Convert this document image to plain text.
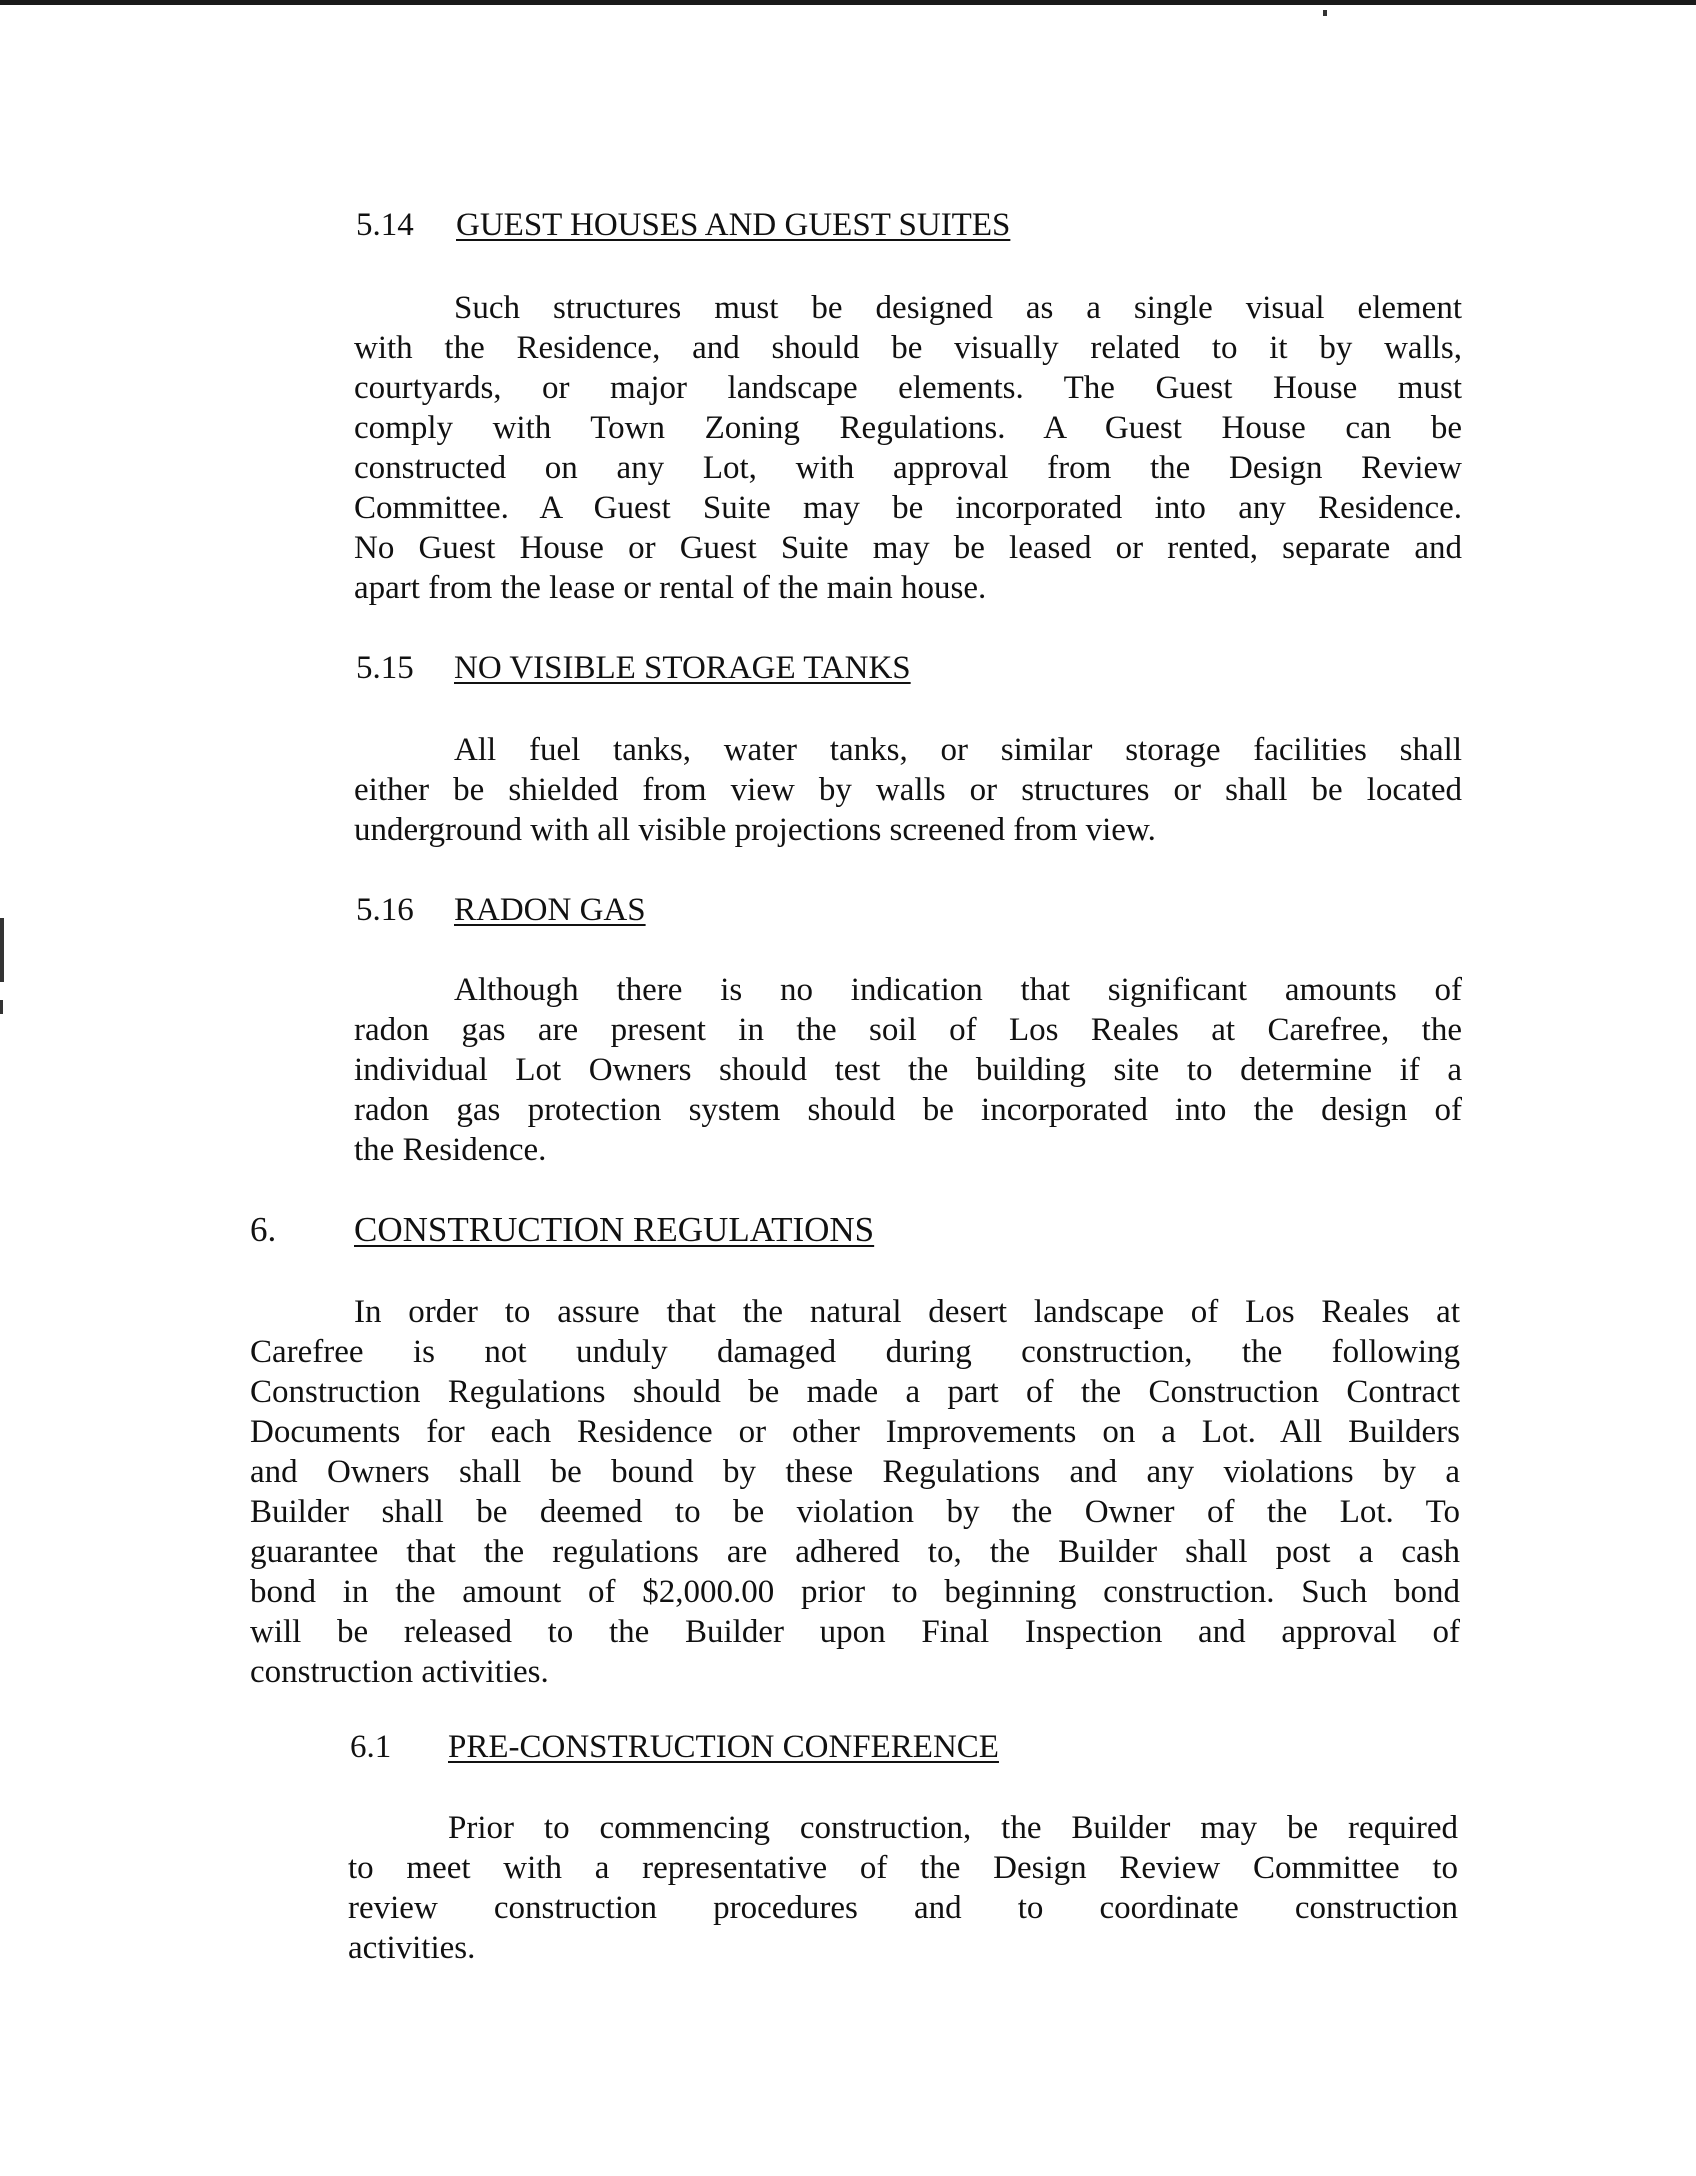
5.14 GUEST HOUSES AND GUEST SUITES
Such structures must be designed as a single visual element
with the Residence, and should be visually related to it by walls,
courtyards, or major landscape elements. The Guest House must
comply with Town Zoning Regulations. A Guest House can be
constructed on any Lot, with approval from the Design Review
Committee. A Guest Suite may be incorporated into any Residence.
No Guest House or Guest Suite may be leased or rented, separate and
apart from the lease or rental of the main house.
5.15 NO VISIBLE STORAGE TANKS
All fuel tanks, water tanks, or similar storage facilities shall
either be shielded from view by walls or structures or shall be located
underground with all visible projections screened from view.
5.16 RADON GAS
Although there is no indication that significant amounts of
radon gas are present in the soil of Los Reales at Carefree, the
individual Lot Owners should test the building site to determine if a
radon gas protection system should be incorporated into the design of
the Residence.
6. CONSTRUCTION REGULATIONS
In order to assure that the natural desert landscape of Los Reales at
Carefree is not unduly damaged during construction, the following
Construction Regulations should be made a part of the Construction Contract
Documents for each Residence or other Improvements on a Lot. All Builders
and Owners shall be bound by these Regulations and any violations by a
Builder shall be deemed to be violation by the Owner of the Lot. To
guarantee that the regulations are adhered to, the Builder shall post a cash
bond in the amount of $2,000.00 prior to beginning construction. Such bond
will be released to the Builder upon Final Inspection and approval of
construction activities.
6.1 PRE-CONSTRUCTION CONFERENCE
Prior to commencing construction, the Builder may be required
to meet with a representative of the Design Review Committee to
review construction procedures and to coordinate construction
activities.
